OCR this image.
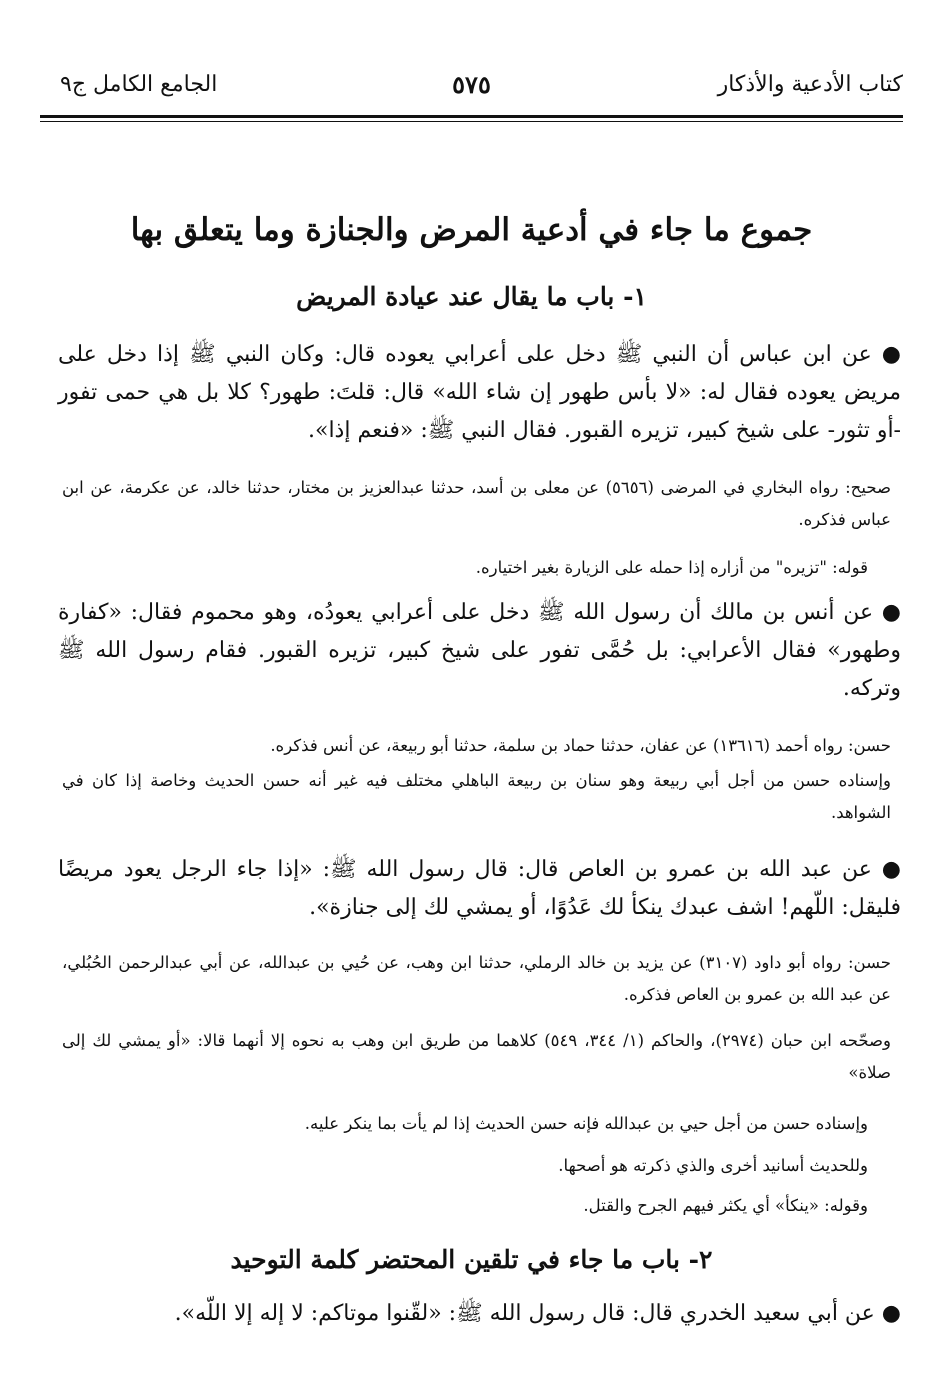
كتاب الأدعية والأذكار
٥٧٥
الجامع الكامل ج٩
جموع ما جاء في أدعية المرض والجنازة وما يتعلق بها
١- باب ما يقال عند عيادة المريض
● عن ابن عباس أن النبي ﷺ دخل على أعرابي يعوده قال: وكان النبي ﷺ إذا دخل على مريض يعوده فقال له: «لا بأس طهور إن شاء الله» قال: قلتَ: طهور؟ كلا بل هي حمى تفور -أو تثور- على شيخ كبير، تزيره القبور. فقال النبي ﷺ: «فنعم إذا».
صحيح: رواه البخاري في المرضى (٥٦٥٦) عن معلى بن أسد، حدثنا عبدالعزيز بن مختار، حدثنا خالد، عن عكرمة، عن ابن عباس فذكره.
قوله: "تزيره" من أزاره إذا حمله على الزيارة بغير اختياره.
● عن أنس بن مالك أن رسول الله ﷺ دخل على أعرابي يعودُه، وهو محموم فقال: «كفارة وطهور» فقال الأعرابي: بل حُمَّى تفور على شيخ كبير، تزيره القبور. فقام رسول الله ﷺ وتركه.
حسن: رواه أحمد (١٣٦١٦) عن عفان، حدثنا حماد بن سلمة، حدثنا أبو ربيعة، عن أنس فذكره.
وإسناده حسن من أجل أبي ربيعة وهو سنان بن ربيعة الباهلي مختلف فيه غير أنه حسن الحديث وخاصة إذا كان في الشواهد.
● عن عبد الله بن عمرو بن العاص قال: قال رسول الله ﷺ: «إذا جاء الرجل يعود مريضًا فليقل: اللّهم! اشف عبدك ينكأ لك عَدُوًا، أو يمشي لك إلى جنازة».
حسن: رواه أبو داود (٣١٠٧) عن يزيد بن خالد الرملي، حدثنا ابن وهب، عن حُيي بن عبدالله، عن أبي عبدالرحمن الحُبُلي، عن عبد الله بن عمرو بن العاص فذكره.
وصحّحه ابن حبان (٢٩٧٤)، والحاكم (١/ ٣٤٤، ٥٤٩) كلاهما من طريق ابن وهب به نحوه إلا أنهما قالا: «أو يمشي لك إلى صلاة»
وإسناده حسن من أجل حيي بن عبدالله فإنه حسن الحديث إذا لم يأت بما ينكر عليه.
وللحديث أسانيد أخرى والذي ذكرته هو أصحها.
وقوله: «ينكأ» أي يكثر فيهم الجرح والقتل.
٢- باب ما جاء في تلقين المحتضر كلمة التوحيد
● عن أبي سعيد الخدري قال: قال رسول الله ﷺ: «لقّنوا موتاكم: لا إله إلا اللّه».
